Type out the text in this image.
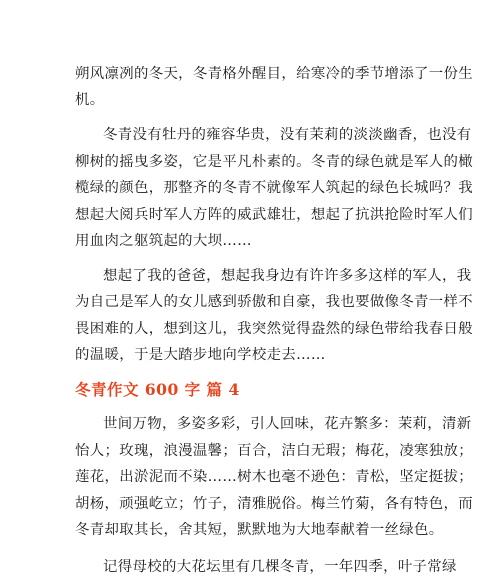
朔风凛冽的冬天，冬青格外醒目，给寒冷的季节增添了一份生
机。
冬青没有牡丹的雍容华贵，没有茉莉的淡淡幽香，也没有
柳树的摇曳多姿，它是平凡朴素的。冬青的绿色就是军人的橄
榄绿的颜色，那整齐的冬青不就像军人筑起的绿色长城吗？我
想起大阅兵时军人方阵的威武雄壮，想起了抗洪抢险时军人们
用血肉之躯筑起的大坝……
想起了我的爸爸，想起我身边有许许多多这样的军人，我
为自己是军人的女儿感到骄傲和自豪，我也要做像冬青一样不
畏困难的人，想到这儿，我突然觉得盎然的绿色带给我春日般
的温暖，于是大踏步地向学校走去……
冬青作文 600 字 篇 4
世间万物，多姿多彩，引人回味，花卉繁多：茉莉，清新
怡人；玫瑰，浪漫温馨；百合，洁白无瑕；梅花，凌寒独放；
莲花，出淤泥而不染……树木也毫不逊色：青松，坚定挺拔；
胡杨，顽强屹立；竹子，清雅脱俗。梅兰竹菊，各有特色，而
冬青却取其长，舍其短，默默地为大地奉献着一丝绿色。
记得母校的大花坛里有几棵冬青，一年四季，叶子常绿
